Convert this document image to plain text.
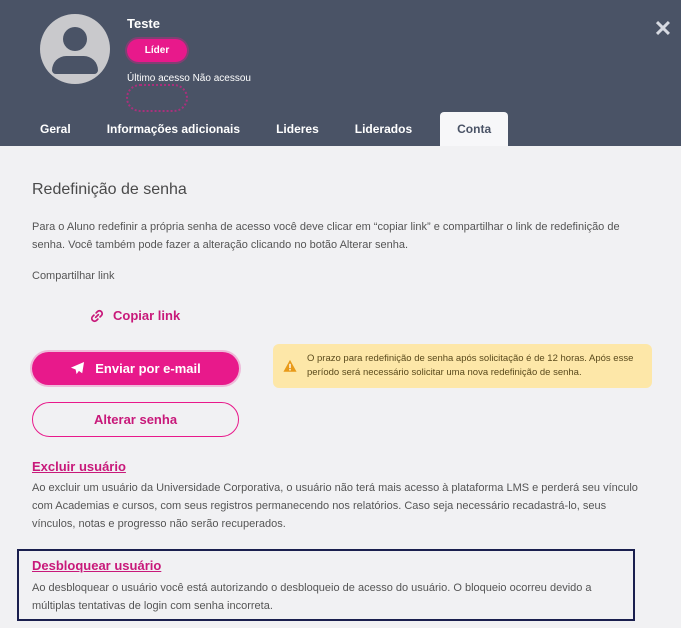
Teste
Líder
Último acesso Não acessou
✕
Geral	Informações adicionais	Lideres	Liderados	Conta
Redefinição de senha
Para o Aluno redefinir a própria senha de acesso você deve clicar em “copiar link” e compartilhar o link de redefinição de senha. Você também pode fazer a alteração clicando no botão Alterar senha.
Compartilhar link
Copiar link
Enviar por e-mail
Alterar senha
O prazo para redefinição de senha após solicitação é de 12 horas. Após esse período será necessário solicitar uma nova redefinição de senha.
Excluir usuário
Ao excluir um usuário da Universidade Corporativa, o usuário não terá mais acesso à plataforma LMS e perderá seu vínculo com Academias e cursos, com seus registros permanecendo nos relatórios. Caso seja necessário recadastrá-lo, seus vínculos, notas e progresso não serão recuperados.
Desbloquear usuário
Ao desbloquear o usuário você está autorizando o desbloqueio de acesso do usuário. O bloqueio ocorreu devido a múltiplas tentativas de login com senha incorreta.
